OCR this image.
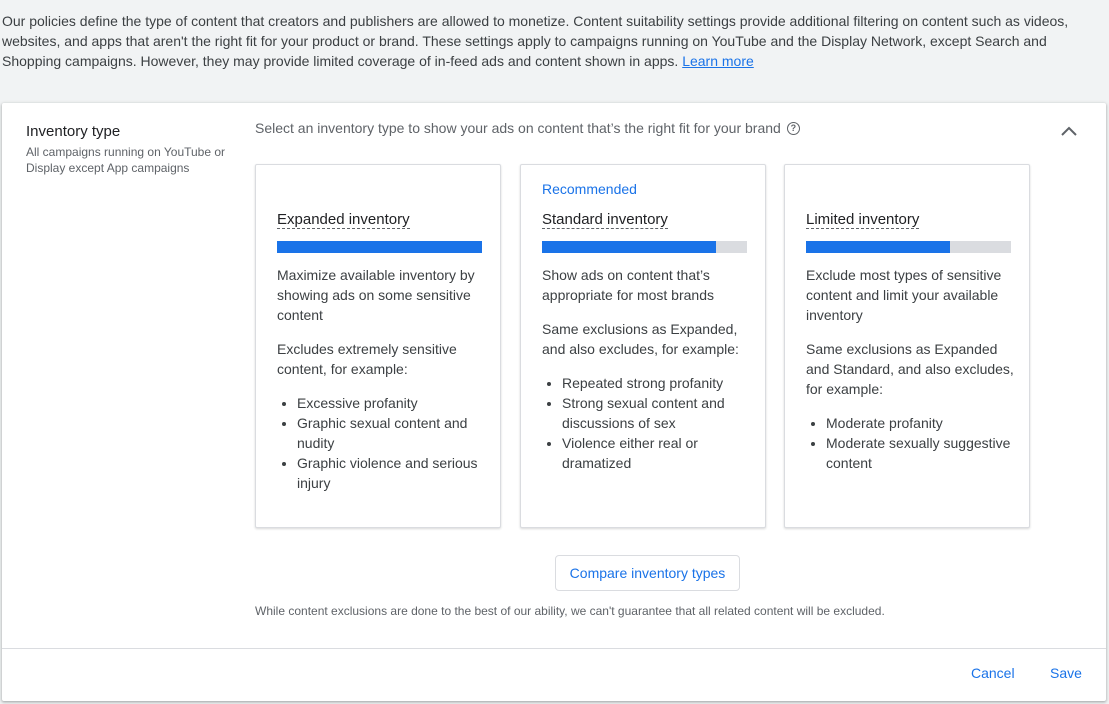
Our policies define the type of content that creators and publishers are allowed to monetize. Content suitability settings provide additional filtering on content such as videos, websites, and apps that aren't the right fit for your product or brand. These settings apply to campaigns running on YouTube and the Display Network, except Search and Shopping campaigns. However, they may provide limited coverage of in-feed ads and content shown in apps. Learn more
Inventory type
All campaigns running on YouTube or Display except App campaigns
Select an inventory type to show your ads on content that’s the right fit for your brand	?
Expanded inventory

Maximize available inventory by showing ads on some sensitive content

Excludes extremely sensitive content, for example:

• Excessive profanity
• Graphic sexual content and nudity
• Graphic violence and serious injury
Recommended
Standard inventory

Show ads on content that’s appropriate for most brands

Same exclusions as Expanded, and also excludes, for example:

• Repeated strong profanity
• Strong sexual content and discussions of sex
• Violence either real or dramatized
Limited inventory

Exclude most types of sensitive content and limit your available inventory

Same exclusions as Expanded and Standard, and also excludes, for example:

• Moderate profanity
• Moderate sexually suggestive content
Compare inventory types
While content exclusions are done to the best of our ability, we can't guarantee that all related content will be excluded.
Cancel	Save
